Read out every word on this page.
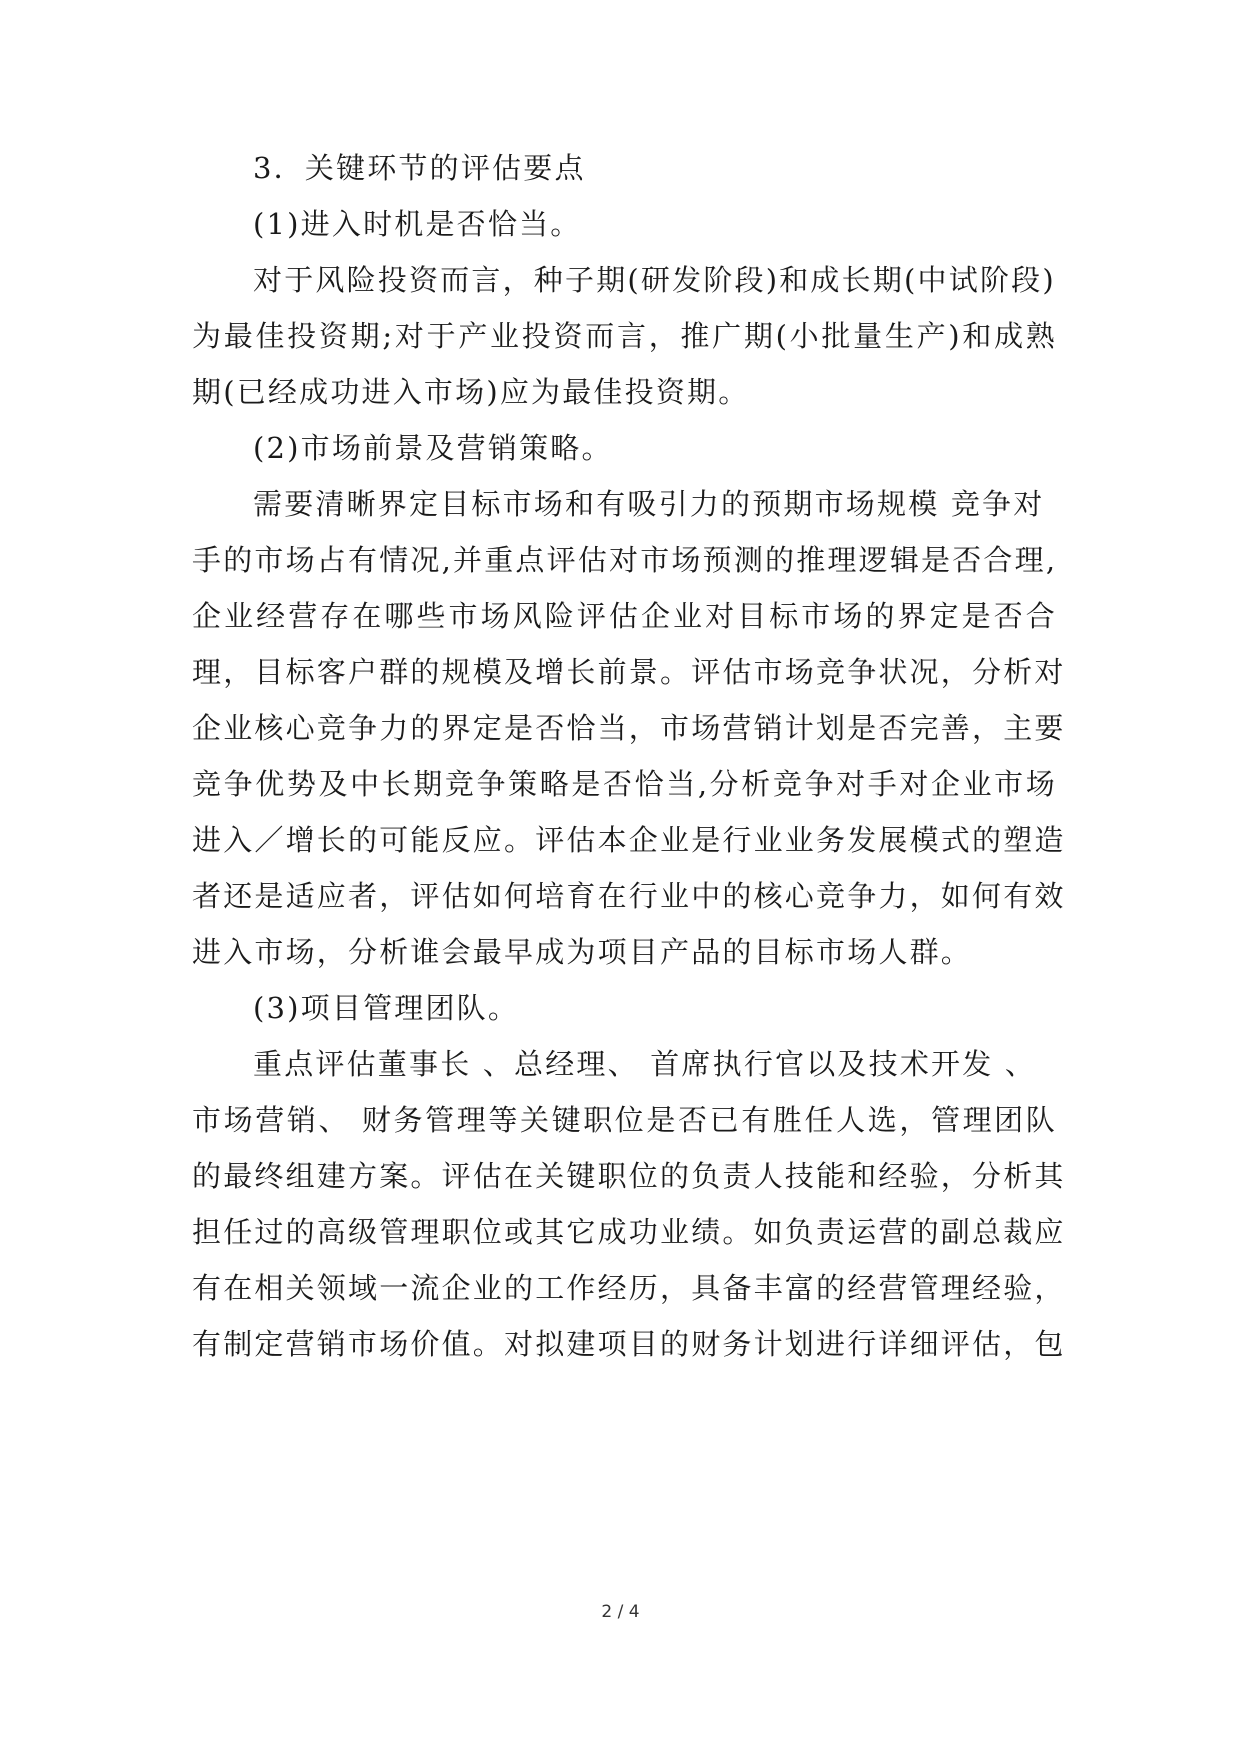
3．关键环节的评估要点
(1)进入时机是否恰当。
对于风险投资而言，种子期(研发阶段)和成长期(中试阶段)
为最佳投资期;对于产业投资而言，推广期(小批量生产)和成熟
期(已经成功进入市场)应为最佳投资期。
(2)市场前景及营销策略。
需要清晰界定目标市场和有吸引力的预期市场规模 竞争对
手的市场占有情况,并重点评估对市场预测的推理逻辑是否合理,
企业经营存在哪些市场风险评估企业对目标市场的界定是否合
理，目标客户群的规模及增长前景。评估市场竞争状况，分析对
企业核心竞争力的界定是否恰当，市场营销计划是否完善，主要
竞争优势及中长期竞争策略是否恰当,分析竞争对手对企业市场
进入／增长的可能反应。评估本企业是行业业务发展模式的塑造
者还是适应者，评估如何培育在行业中的核心竞争力，如何有效
进入市场，分析谁会最早成为项目产品的目标市场人群。
(3)项目管理团队。
重点评估董事长 、总经理、 首席执行官以及技术开发 、
市场营销、 财务管理等关键职位是否已有胜任人选，管理团队
的最终组建方案。评估在关键职位的负责人技能和经验，分析其
担任过的高级管理职位或其它成功业绩。如负责运营的副总裁应
有在相关领域一流企业的工作经历，具备丰富的经营管理经验，
有制定营销市场价值。对拟建项目的财务计划进行详细评估，包
2 / 4
